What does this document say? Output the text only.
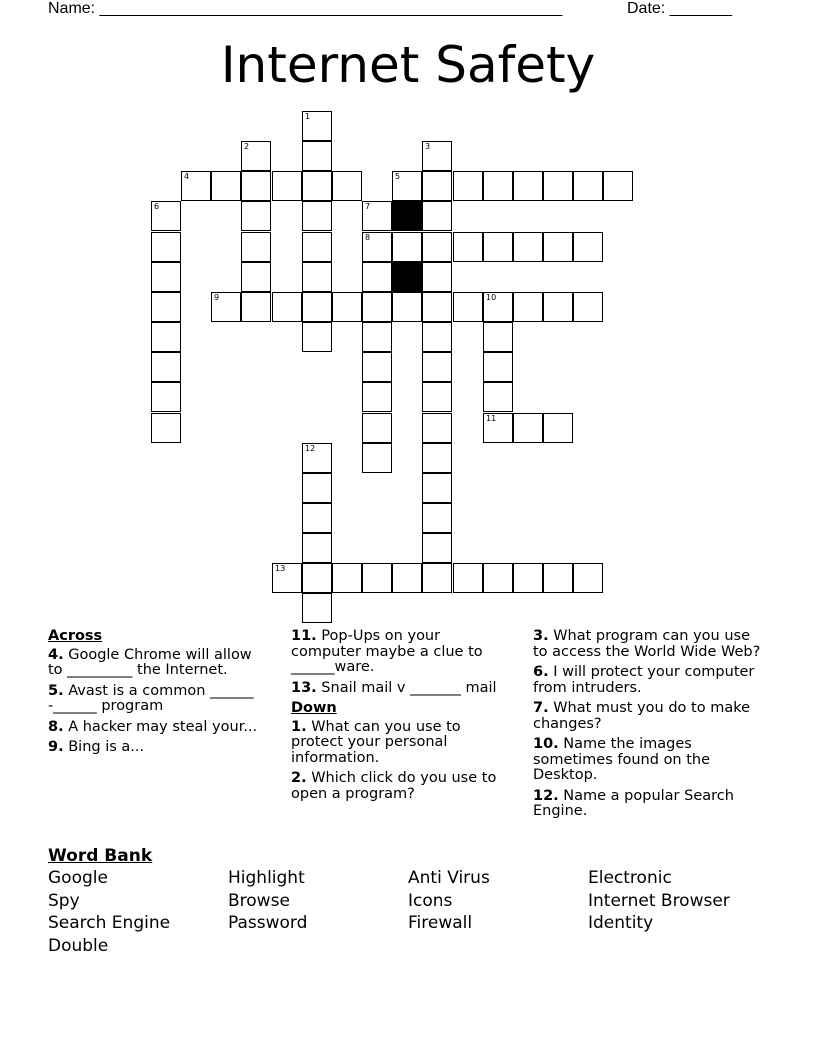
Name: ____________________________________________________	Date: _______
Internet Safety
4	5
8
9	10
11
13
1
2	3
6	7
12
Across
4. Google Chrome will allow to _________ the Internet.
5. Avast is a common ______ -______ program
8. A hacker may steal your...
9. Bing is a...
11. Pop-Ups on your computer maybe a clue to ______ware.
13. Snail mail v _______ mail
Down
1. What can you use to protect your personal information.
2. Which click do you use to open a program?
3. What program can you use to access the World Wide Web?
6. I will protect your computer from intruders.
7. What must you do to make changes?
10. Name the images sometimes found on the Desktop.
12. Name a popular Search Engine.
Word Bank
Google
Spy
Search Engine
Double
Highlight
Browse
Password
Anti Virus
Icons
Firewall
Electronic
Internet Browser
Identity
